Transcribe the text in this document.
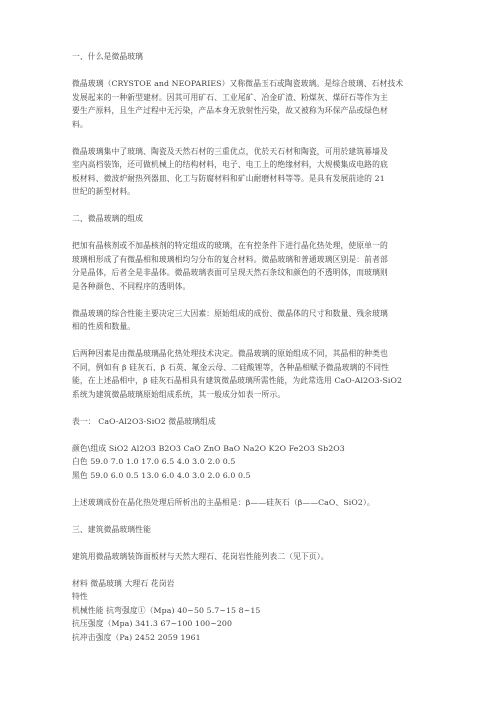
一、什么是微晶玻璃
微晶玻璃（CRYSTOE and NEOPARIES）又称微晶玉石或陶瓷玻璃。是综合玻璃、石材技术
发展起来的一种新型建材。因其可用矿石、工业尾矿、冶金矿渣、粉煤灰、煤矸石等作为主
要生产原料，且生产过程中无污染，产品本身无放射性污染，故又被称为环保产品或绿色材
料。
微晶玻璃集中了玻璃、陶瓷及天然石材的三重优点，优於天石材和陶瓷，可用於建筑幕墙及
室内高档装饰，还可做机械上的结构材料，电子、电工上的绝缘材料，大规模集成电路的底
板材料、微波炉耐热列器皿、化工与防腐材料和矿山耐磨材料等等。是具有发展前途的 21
世纪的新型材料。
二、微晶玻璃的组成
把加有晶核剂或不加晶核剂的特定组成的玻璃，在有控条件下进行晶化热处理，使原单一的
玻璃相形成了有微晶相和玻璃相均匀分布的复合材料。微晶玻璃和普通玻璃区别是：前者部
分是晶体，后者全是非晶体。微晶玻璃表面可呈现天然石条纹和颜色的不透明体，而玻璃则
是各种颜色、不同程序的透明体。
微晶玻璃的综合性能主要决定三大因素：原始组成的成份、微晶体的尺寸和数量、残余玻璃
相的性质和数量。
后两种因素是由微晶玻璃晶化热处理技术决定。微晶玻璃的原始组成不同，其晶相的种类也
不同，例如有 β 硅灰石、β 石英、氟金云母、二硅酸锂等，各种晶相赋予微晶玻璃的不同性
能，在上述晶相中，β 硅灰石晶相具有建筑微晶玻璃所需性能，为此常选用 CaO-Al2O3-SiO2
系统为建筑微晶玻璃原始组成系统，其一般成分如表一所示。
表一： CaO-Al2O3-SiO2 微晶玻璃组成
颜色\组成 SiO2 Al2O3 B2O3 CaO ZnO BaO Na2O K2O Fe2O3 Sb2O3
白色 59.0 7.0 1.0 17.0 6.5 4.0 3.0 2.0 0.5
黑色 59.0 6.0 0.5 13.0 6.0 4.0 3.0 2.0 6.0 0.5
上述玻璃成份在晶化热处理后所析出的主晶相是：β——硅灰石（β——CaO、SiO2）。
三、建筑微晶玻璃性能
建筑用微晶玻璃装饰面板材与天然大理石、花岗岩性能列表二（见下页）。
材料 微晶玻璃 大理石 花岗岩
特性
机械性能 抗弯强度①（Mpa) 40~50 5.7~15 8~15
抗压强度（Mpa) 341.3 67~100 100~200
抗冲击强度（Pa) 2452 2059 1961
